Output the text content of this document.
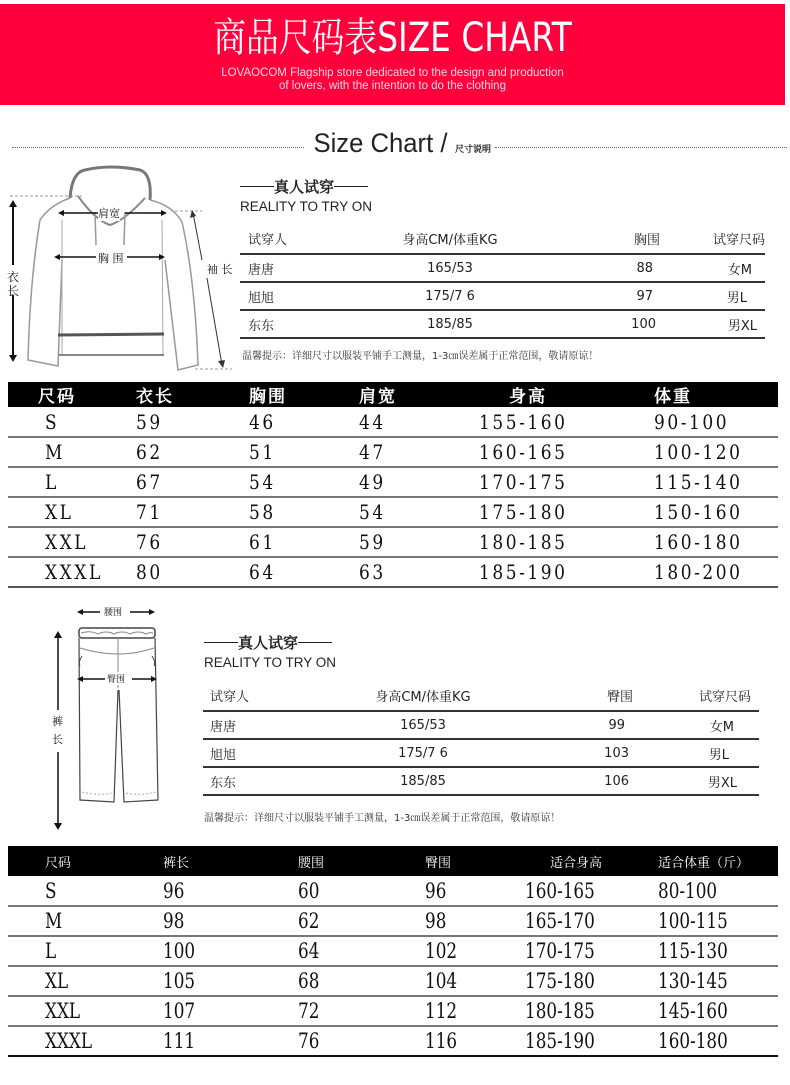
商品尺码表SIZE CHART
LOVAOCOM Flagship store dedicated to the design and production
of lovers, with the intention to do the clothing
Size Chart / 尺寸说明
肩宽
胸 围
衣
长
袖 长
真人试穿
REALITY TO TRY ON
试穿人	身高CM/体重KG	胸围	试穿尺码
唐唐	165/53	88	女M
旭旭	175/7 6	97	男L
东东	185/85	100	男XL
温馨提示：详细尺寸以服装平铺手工测量，1-3㎝误差属于正常范围，敬请原谅！
尺码	衣长	胸围	肩宽	身高	体重
S	59	46	44	155-160	90-100
M	62	51	47	160-165	100-120
L	67	54	49	170-175	115-140
XL	71	58	54	175-180	150-160
XXL	76	61	59	180-185	160-180
XXXL	80	64	63	185-190	180-200
腰围
臀围
裤
长
真人试穿
REALITY TO TRY ON
试穿人	身高CM/体重KG	臀围	试穿尺码
唐唐	165/53	99	女M
旭旭	175/7 6	103	男L
东东	185/85	106	男XL
温馨提示：详细尺寸以服装平铺手工测量，1-3㎝误差属于正常范围，敬请原谅！
尺码	裤长	腰围	臀围	适合身高	适合体重（斤）
S	96	60	96	160-165	80-100
M	98	62	98	165-170	100-115
L	100	64	102	170-175	115-130
XL	105	68	104	175-180	130-145
XXL	107	72	112	180-185	145-160
XXXL	111	76	116	185-190	160-180
